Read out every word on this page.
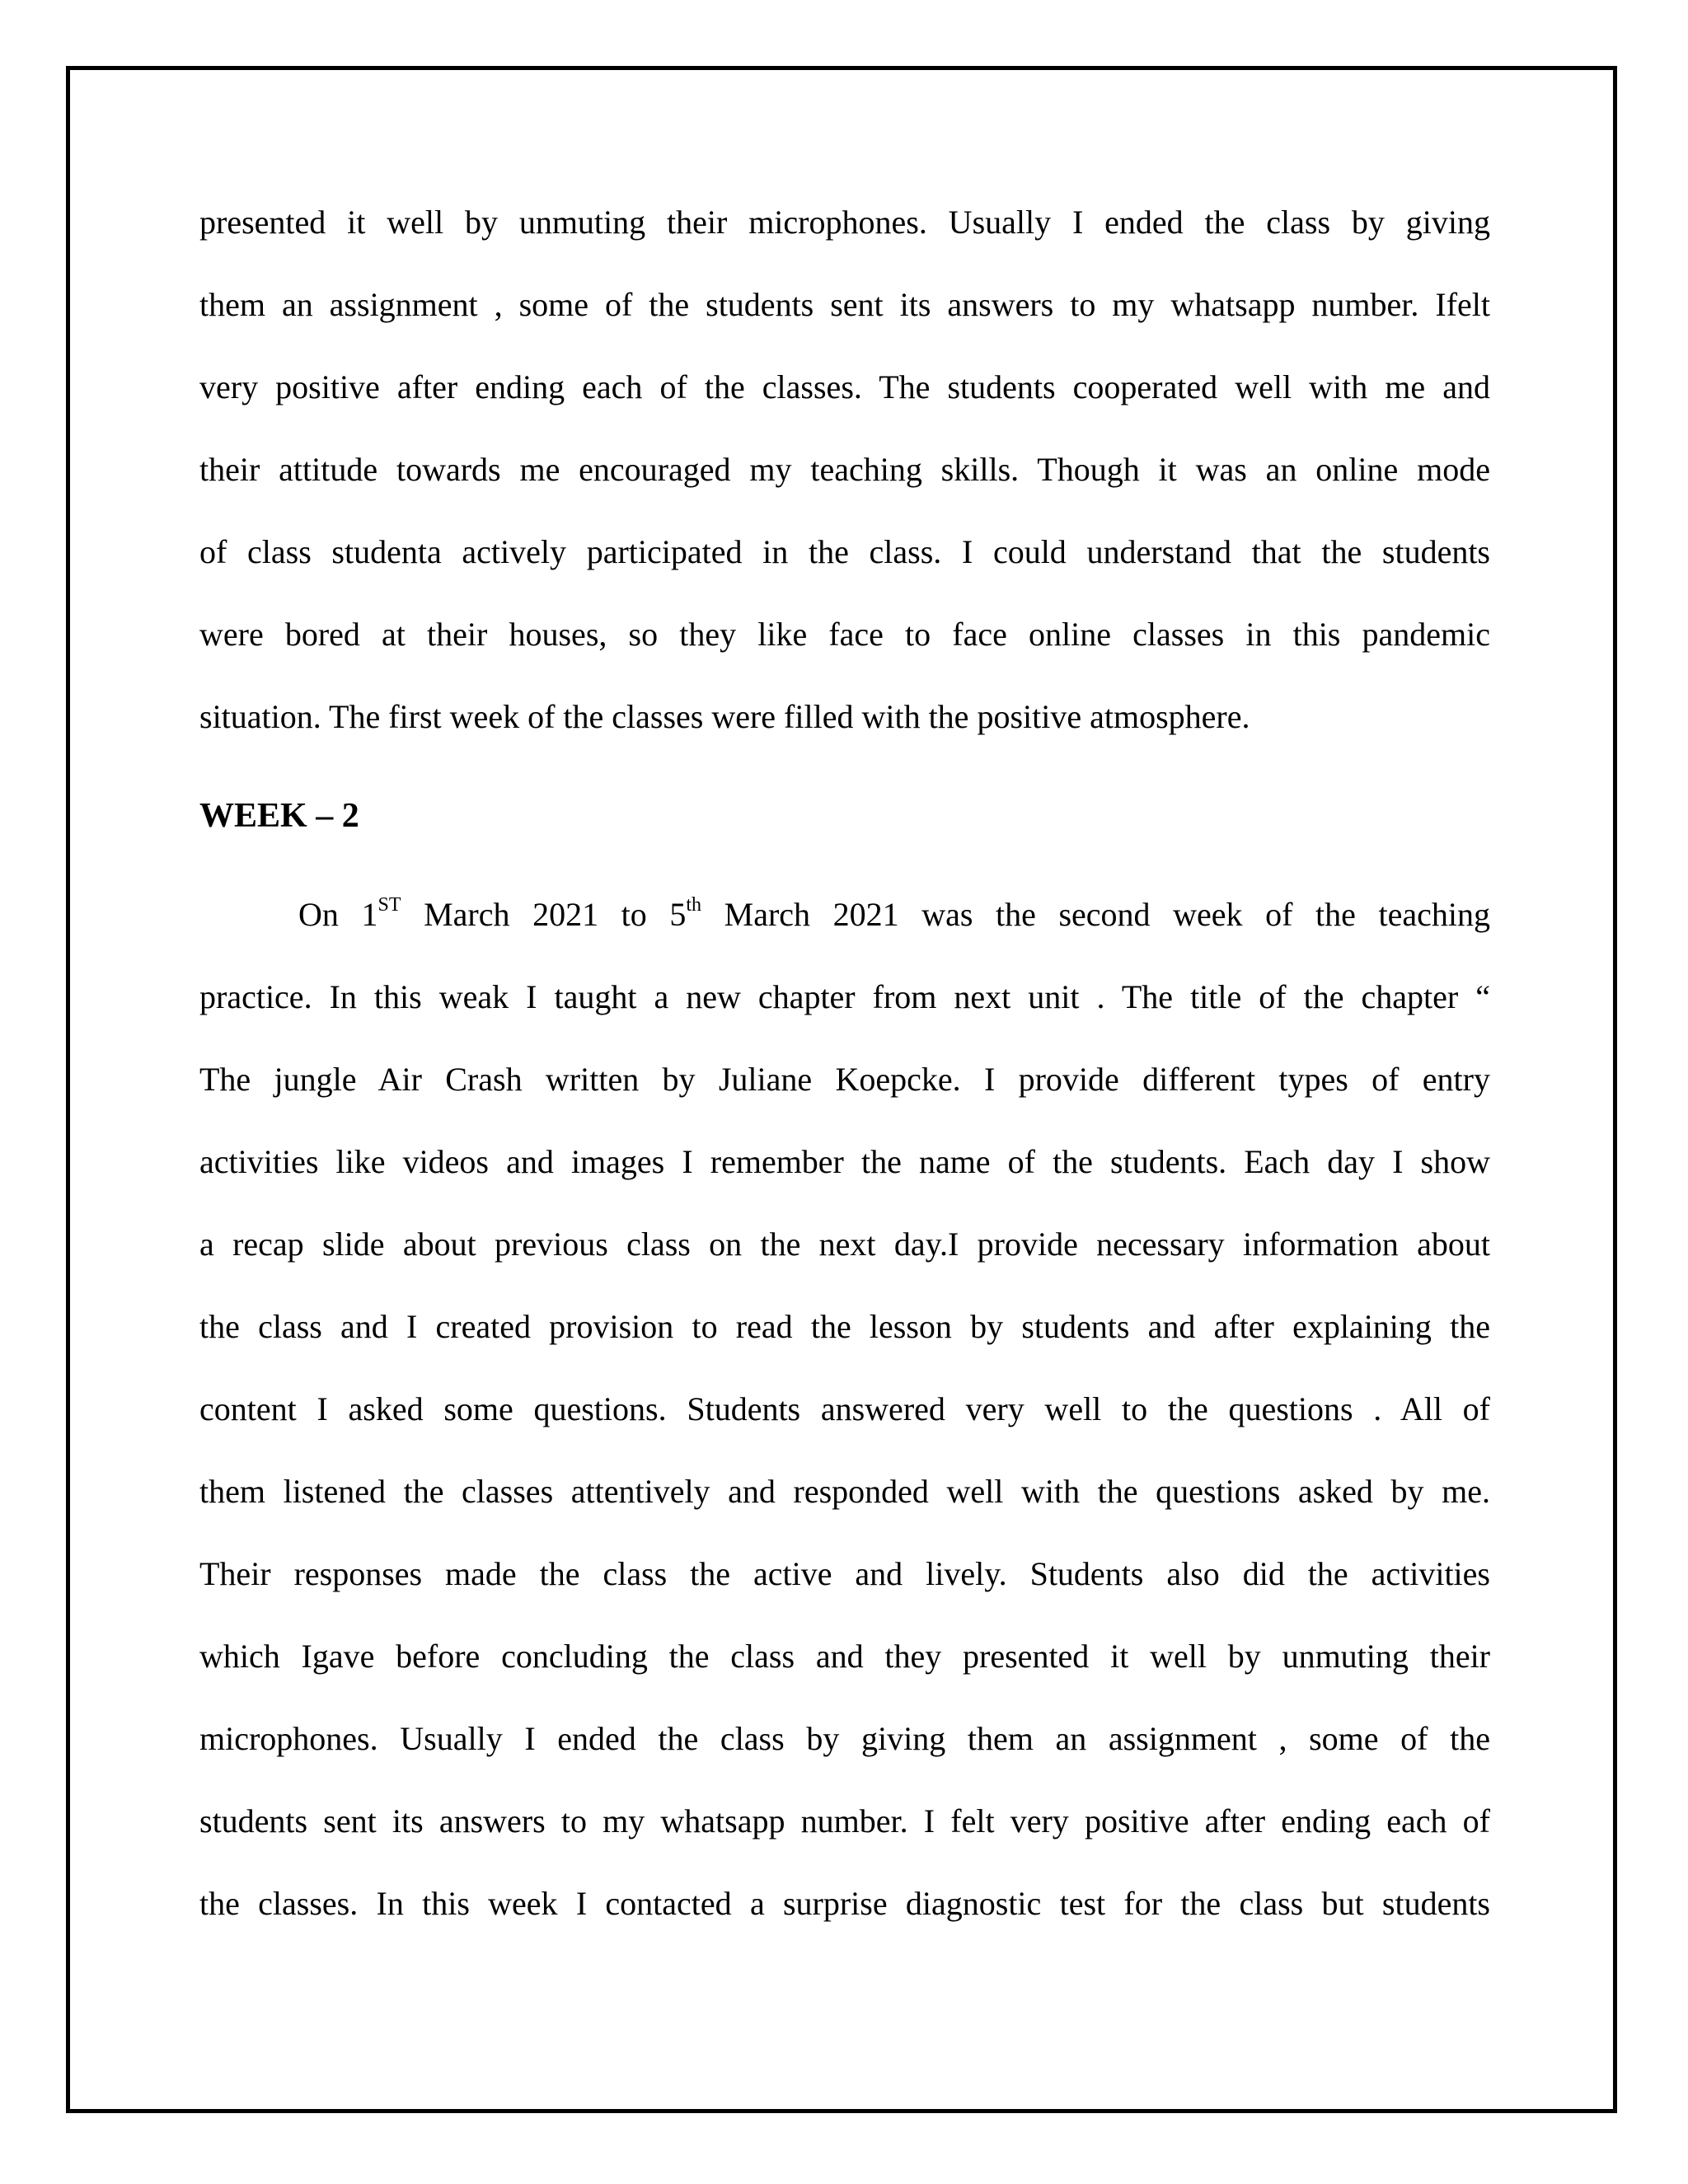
presented it well by unmuting their microphones. Usually I ended the class by giving
them an assignment , some of the students sent its answers to my whatsapp number. Ifelt
very positive after ending each of the classes. The students cooperated well with me and
their attitude towards me encouraged my teaching skills. Though it was an online mode
of class studenta actively participated in the class. I could understand that the students
were bored at their houses, so they like face to face online classes in this pandemic
situation. The first week of the classes were filled with the positive atmosphere.
WEEK – 2
On 1ST March 2021 to 5th March 2021 was the second week of the teaching
practice. In this weak I taught a new chapter from next unit . The title of the chapter “
The jungle Air Crash written by Juliane Koepcke. I provide different types of entry
activities like videos and images I remember the name of the students. Each day I show
a recap slide about previous class on the next day.I provide necessary information about
the class and I created provision to read the lesson by students and after explaining the
content I asked some questions. Students answered very well to the questions . All of
them listened the classes attentively and responded well with the questions asked by me.
Their responses made the class the active and lively. Students also did the activities
which Igave before concluding the class and they presented it well by unmuting their
microphones. Usually I ended the class by giving them an assignment , some of the
students sent its answers to my whatsapp number. I felt very positive after ending each of
the classes. In this week I contacted a surprise diagnostic test for the class but students
